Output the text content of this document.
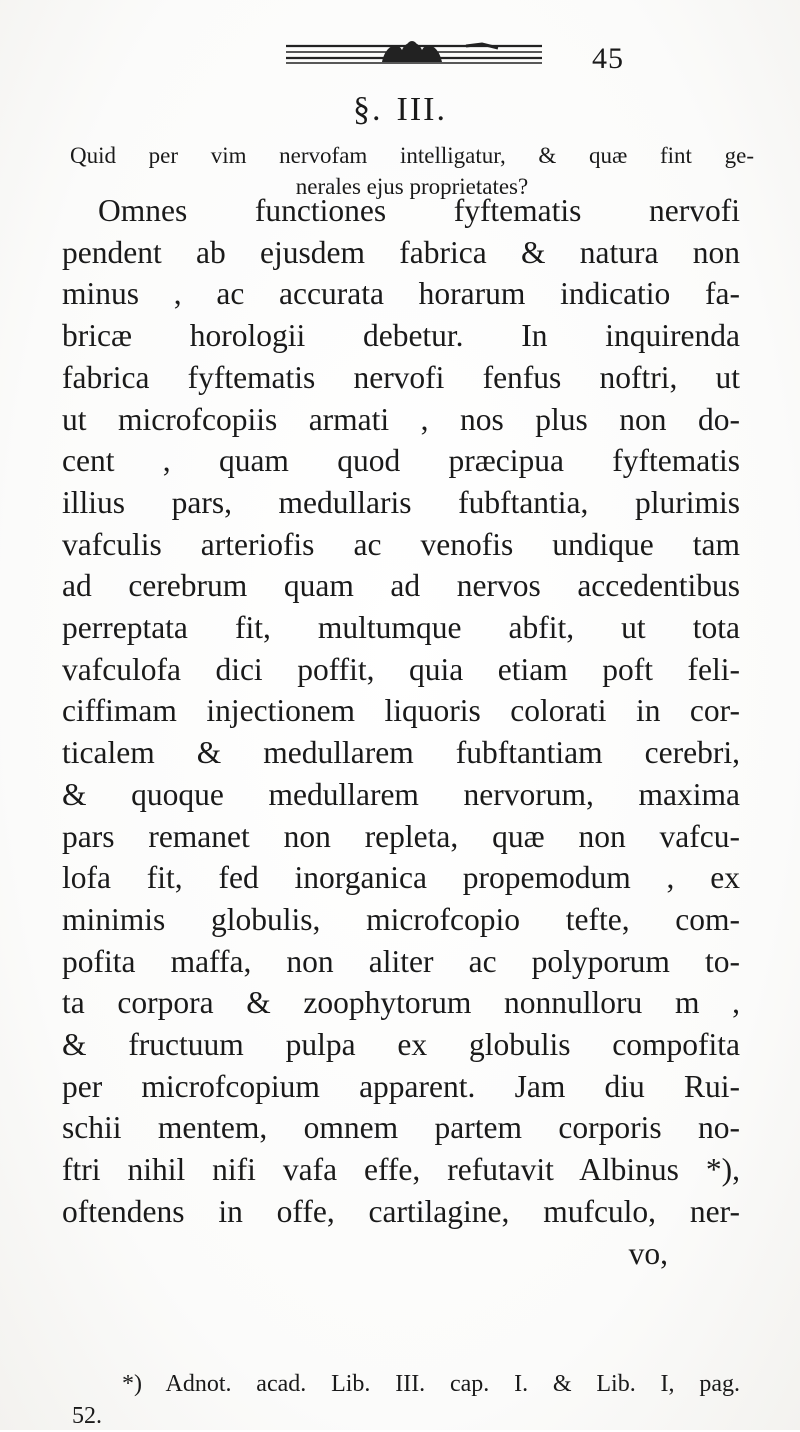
45
§. III.
Quid per vim nervofam intelligatur, & quæ fint ge-
nerales ejus proprietates?
Omnes functiones fyftematis nervofi
pendent ab ejusdem fabrica & natura non
minus , ac accurata horarum indicatio fa-
bricæ horologii debetur. In inquirenda
fabrica fyftematis nervofi fenfus noftri, ut
ut microfcopiis armati , nos plus non do-
cent , quam quod præcipua fyftematis
illius pars, medullaris fubftantia, plurimis
vafculis arteriofis ac venofis undique tam
ad cerebrum quam ad nervos accedentibus
perreptata fit, multumque abfit, ut tota
vafculofa dici poffit, quia etiam poft feli-
ciffimam injectionem liquoris colorati in cor-
ticalem & medullarem fubftantiam cerebri,
& quoque medullarem nervorum, maxima
pars remanet non repleta, quæ non vafcu-
lofa fit, fed inorganica propemodum , ex
minimis globulis, microfcopio tefte, com-
pofita maffa, non aliter ac polyporum to-
ta corpora & zoophytorum nonnulloru m ,
& fructuum pulpa ex globulis compofita
per microfcopium apparent. Jam diu Rui-
schii mentem, omnem partem corporis no-
ftri nihil nifi vafa effe, refutavit Albinus *),
oftendens in offe, cartilagine, mufculo, ner-
vo,
*) Adnot. acad. Lib. III. cap. I. & Lib. I, pag.
52.
